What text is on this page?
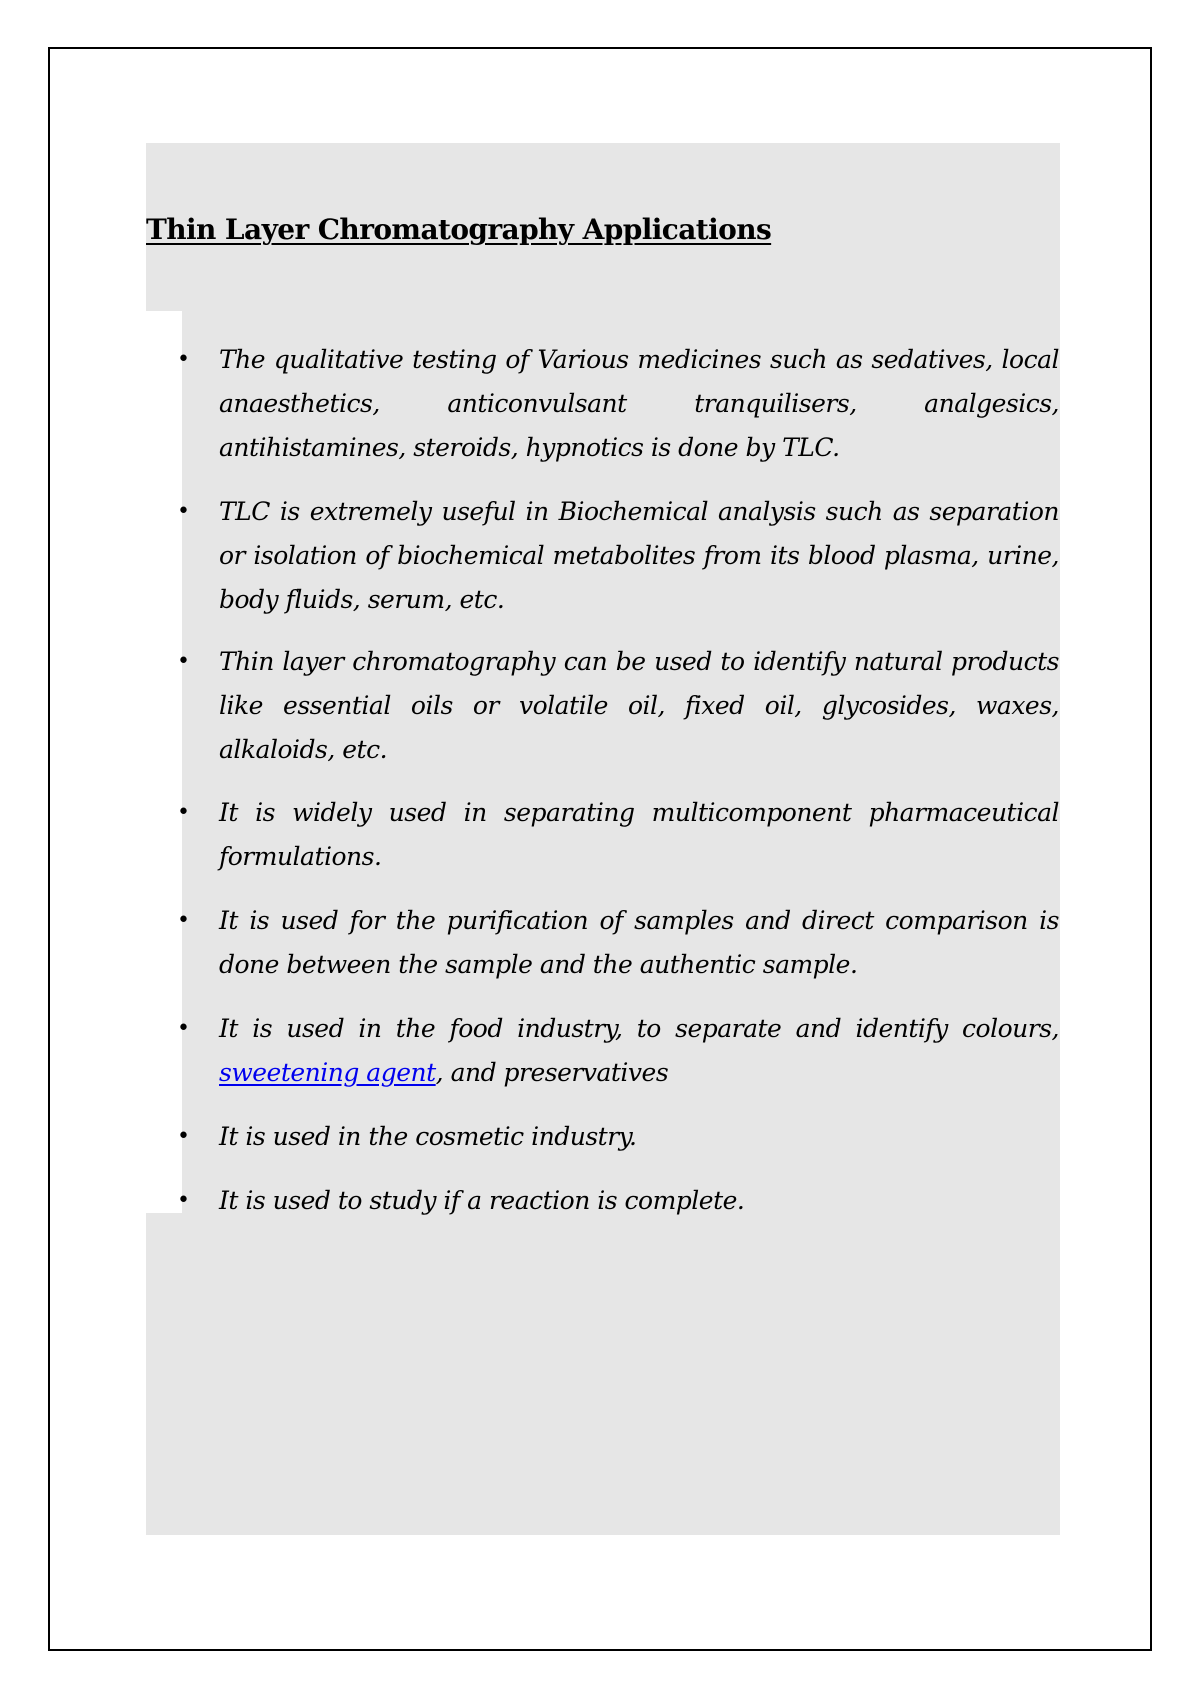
Thin Layer Chromatography Applications
• The qualitative testing of Various medicines such as sedatives, local anaesthetics, anticonvulsant tranquilisers, analgesics, antihistamines, steroids, hypnotics is done by TLC.
• TLC is extremely useful in Biochemical analysis such as separation or isolation of biochemical metabolites from its blood plasma, urine, body fluids, serum, etc.
• Thin layer chromatography can be used to identify natural products like essential oils or volatile oil, fixed oil, glycosides, waxes, alkaloids, etc.
• It is widely used in separating multicomponent pharmaceutical formulations.
• It is used for the purification of samples and direct comparison is done between the sample and the authentic sample.
• It is used in the food industry, to separate and identify colours, sweetening agent, and preservatives
• It is used in the cosmetic industry.
• It is used to study if a reaction is complete.
